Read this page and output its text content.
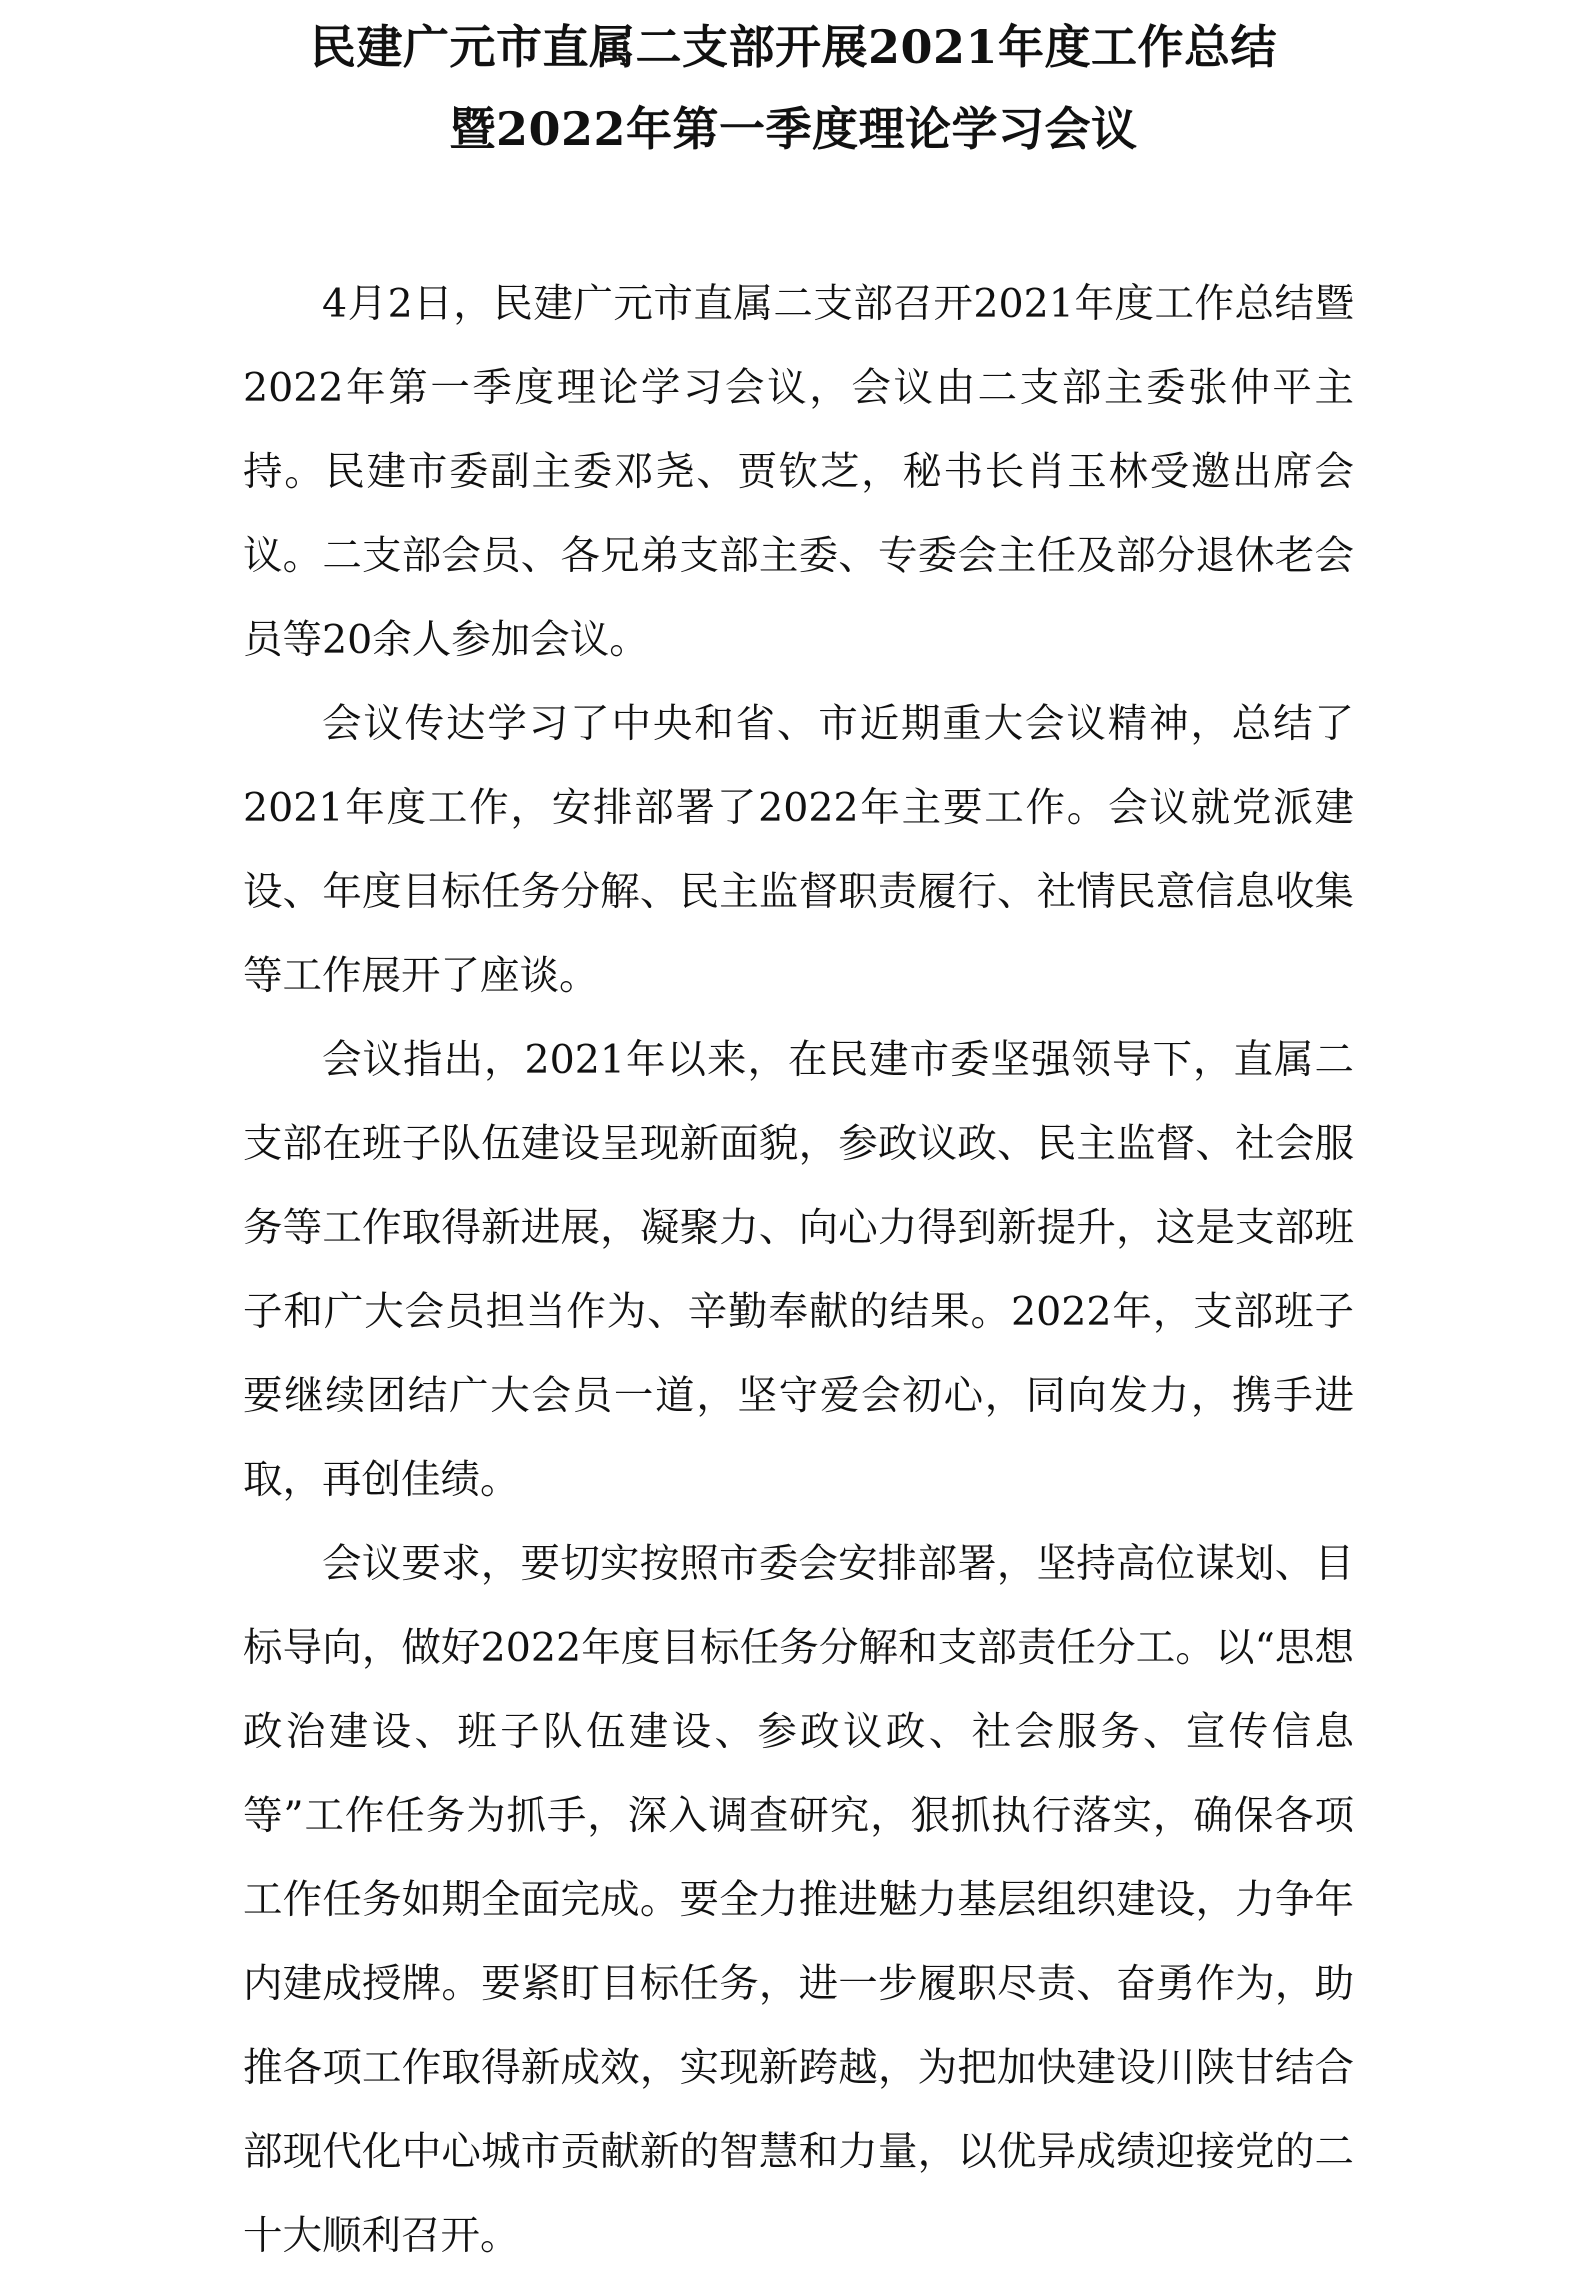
民建广元市直属二支部开展2021年度工作总结
暨2022年第一季度理论学习会议

4月2日，民建广元市直属二支部召开2021年度工作总结暨2022年第一季度理论学习会议，会议由二支部主委张仲平主持。民建市委副主委邓尧、贾钦芝，秘书长肖玉林受邀出席会议。二支部会员、各兄弟支部主委、专委会主任及部分退休老会员等20余人参加会议。

会议传达学习了中央和省、市近期重大会议精神，总结了2021年度工作，安排部署了2022年主要工作。会议就党派建设、年度目标任务分解、民主监督职责履行、社情民意信息收集等工作展开了座谈。

会议指出，2021年以来，在民建市委坚强领导下，直属二支部在班子队伍建设呈现新面貌，参政议政、民主监督、社会服务等工作取得新进展，凝聚力、向心力得到新提升，这是支部班子和广大会员担当作为、辛勤奉献的结果。2022年，支部班子要继续团结广大会员一道，坚守爱会初心，同向发力，携手进取，再创佳绩。

会议要求，要切实按照市委会安排部署，坚持高位谋划、目标导向，做好2022年度目标任务分解和支部责任分工。以“思想政治建设、班子队伍建设、参政议政、社会服务、宣传信息等”工作任务为抓手，深入调查研究，狠抓执行落实，确保各项工作任务如期全面完成。要全力推进魅力基层组织建设，力争年内建成授牌。要紧盯目标任务，进一步履职尽责、奋勇作为，助推各项工作取得新成效，实现新跨越，为把加快建设川陕甘结合部现代化中心城市贡献新的智慧和力量，以优异成绩迎接党的二十大顺利召开。
